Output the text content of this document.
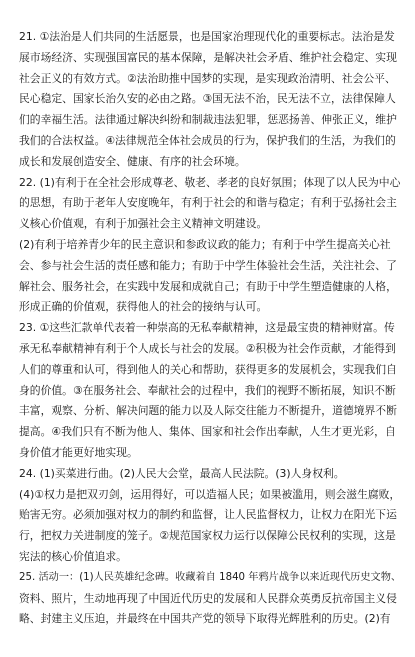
21. ①法治是人们共同的生活愿景，也是国家治理现代化的重要标志。法治是发
展市场经济、实现强国富民的基本保障，是解决社会矛盾、维护社会稳定、实现
社会正义的有效方式。②法治助推中国梦的实现，是实现政治清明、社会公平、
民心稳定、国家长治久安的必由之路。③国无法不治，民无法不立，法律保障人
们的幸福生活。法律通过解决纠纷和制裁违法犯罪，惩恶扬善、伸张正义，维护
我们的合法权益。④法律规范全体社会成员的行为，保护我们的生活，为我们的
成长和发展创造安全、健康、有序的社会环境。
22. (1)有利于在全社会形成尊老、敬老、孝老的良好氛围；体现了以人民为中心
的思想，有助于老年人安度晚年，有利于社会的和谐与稳定；有利于弘扬社会主
义核心价值观，有利于加强社会主义精神文明建设。
(2)有利于培养青少年的民主意识和参政议政的能力；有利于中学生提高关心社
会、参与社会生活的责任感和能力；有助于中学生体验社会生活，关注社会、了
解社会、服务社会，在实践中发展和成就自己；有助于中学生塑造健康的人格，
形成正确的价值观，获得他人的社会的接纳与认可。
23. ①这些汇款单代表着一种崇高的无私奉献精神，这是最宝贵的精神财富。传
承无私奉献精神有利于个人成长与社会的发展。②积极为社会作贡献，才能得到
人们的尊重和认可，得到他人的关心和帮助，获得更多的发展机会，实现我们自
身的价值。③在服务社会、奉献社会的过程中，我们的视野不断拓展，知识不断
丰富，观察、分析、解决问题的能力以及人际交往能力不断提升，道德境界不断
提高。④我们只有不断为他人、集体、国家和社会作出奉献，人生才更光彩，自
身价值才能更好地实现。
24. (1)买菜进行曲。(2)人民大会堂，最高人民法院。(3)人身权利。
(4)①权力是把双刃剑，运用得好，可以造福人民；如果被滥用，则会滋生腐败，
贻害无穷。必须加强对权力的制约和监督，让人民监督权力，让权力在阳光下运
行，把权力关进制度的笼子。②规范国家权力运行以保障公民权利的实现，这是
宪法的核心价值追求。
25. 活动一：(1)人民英雄纪念碑。收藏着自 1840 年鸦片战争以来近现代历史文物、
资料、照片，生动地再现了中国近代历史的发展和人民群众英勇反抗帝国主义侵
略、封建主义压迫，并最终在中国共产党的领导下取得光辉胜利的历史。(2)有
